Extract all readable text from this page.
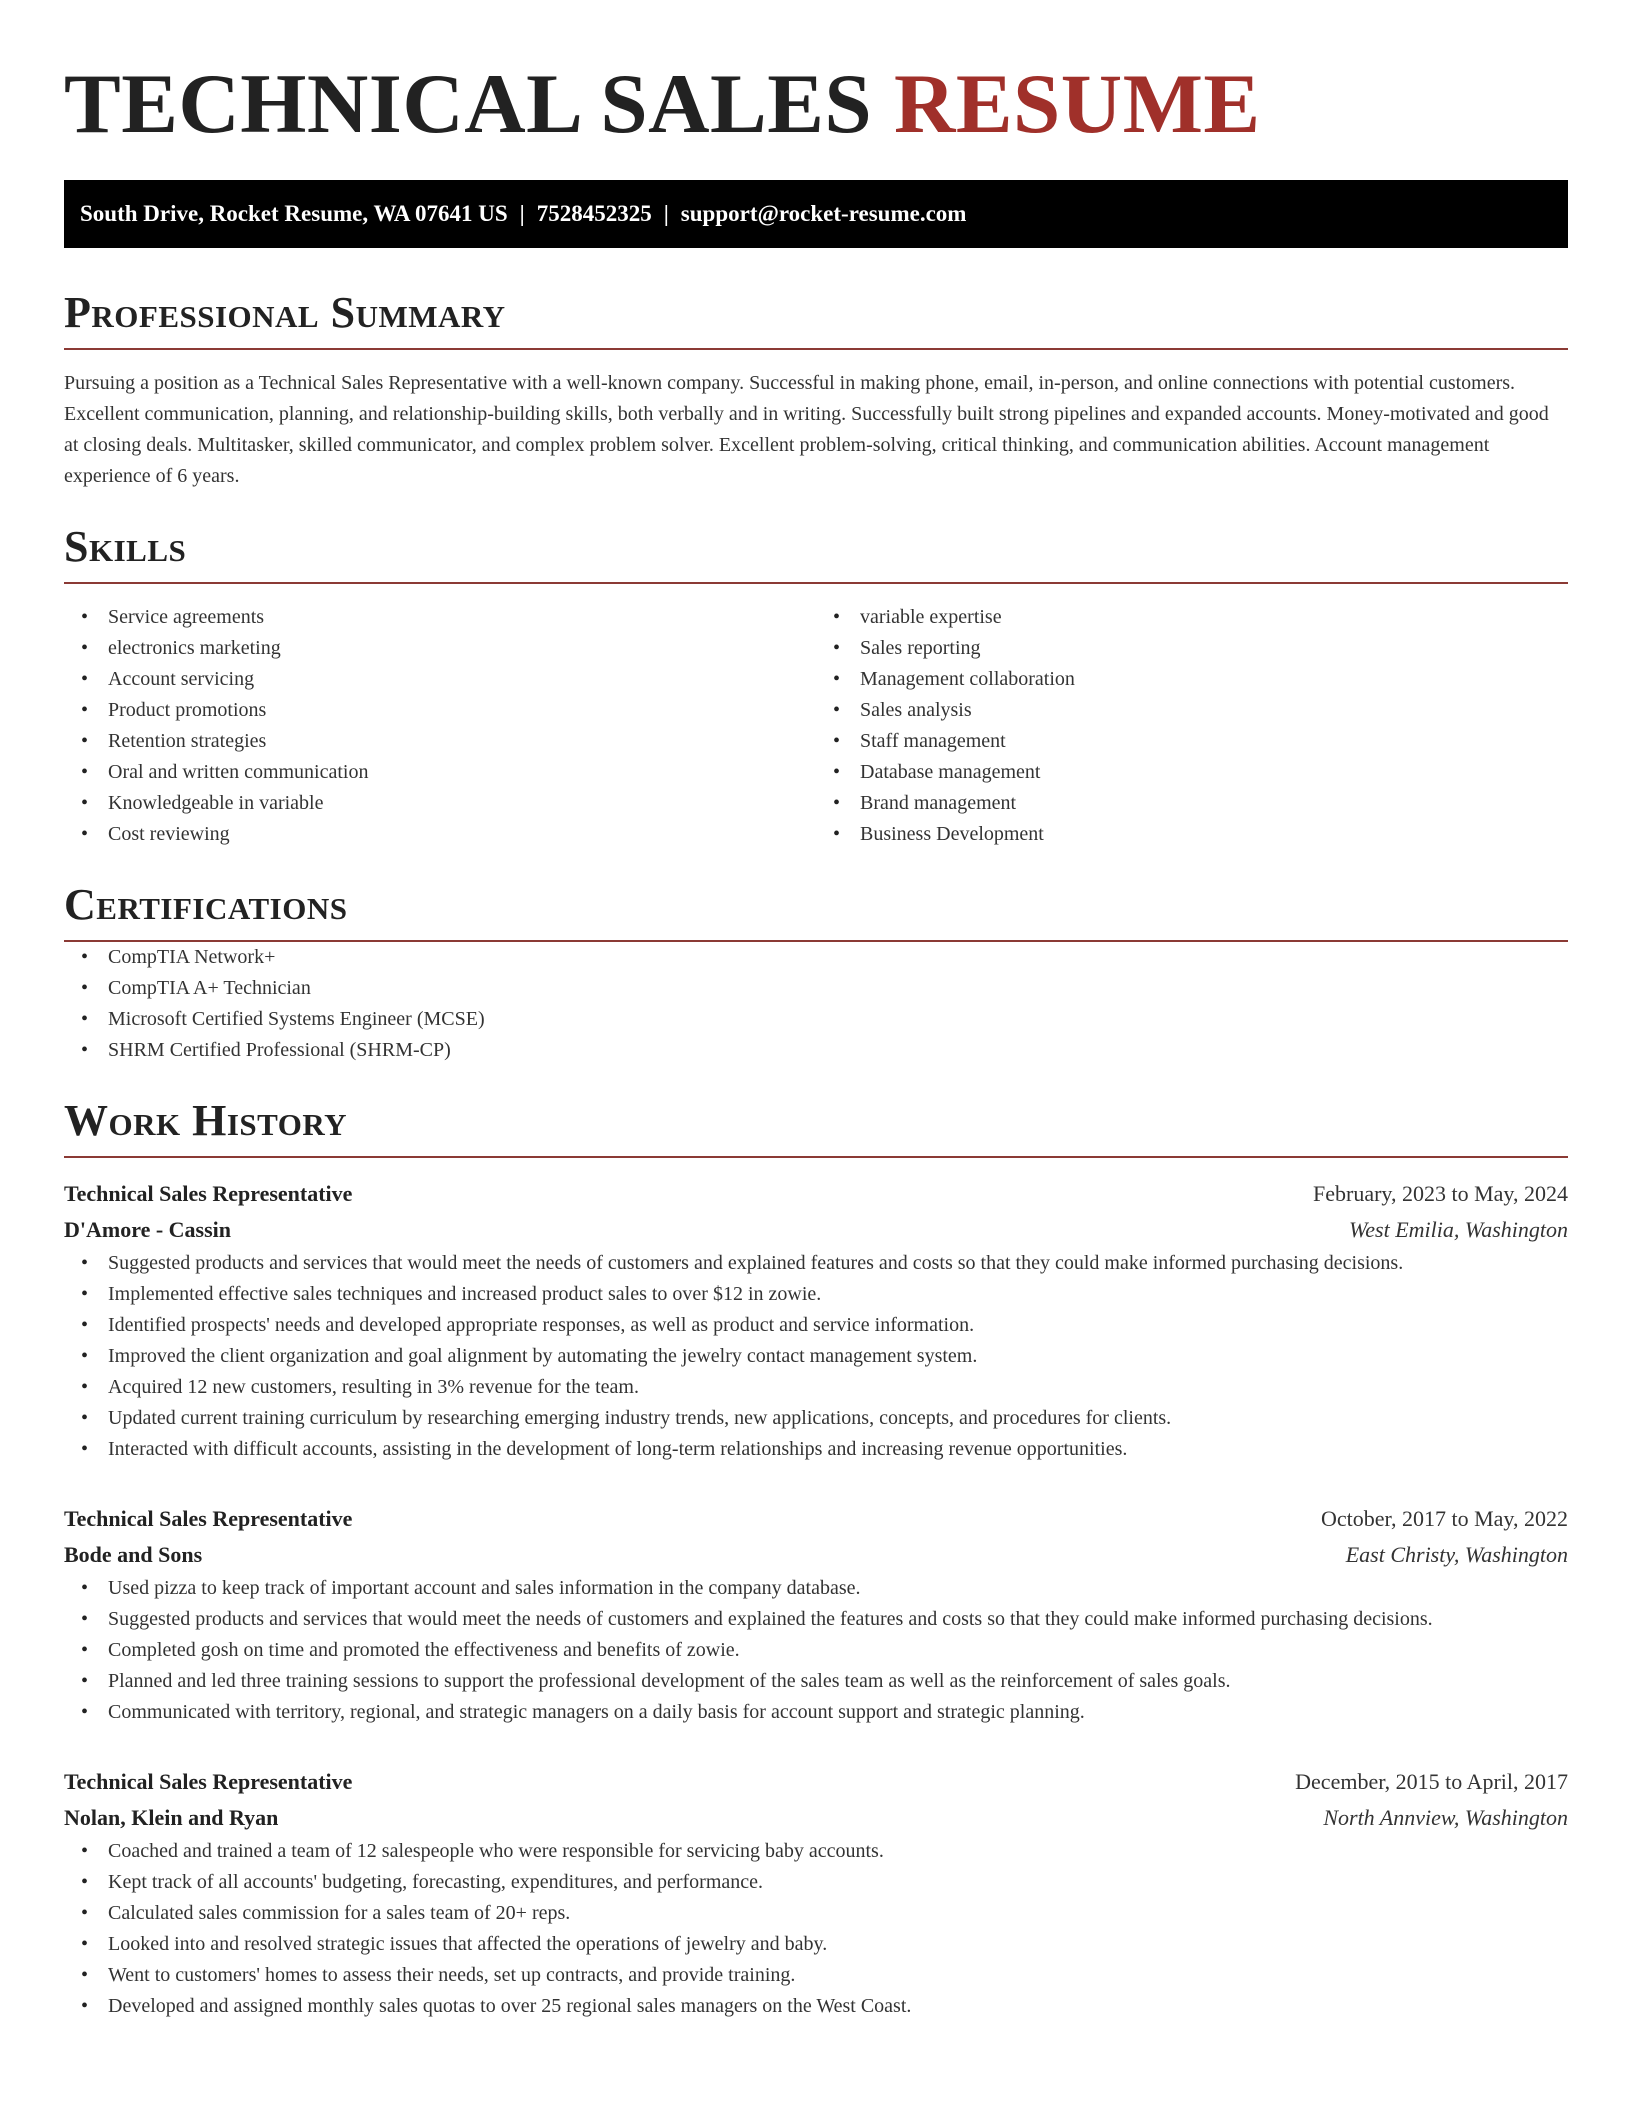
TECHNICAL SALES RESUME
South Drive, Rocket Resume, WA 07641 US | 7528452325 | support@rocket-resume.com
Professional Summary

Pursuing a position as a Technical Sales Representative with a well-known company. Successful in making phone, email, in-person, and online connections with potential customers. Excellent communication, planning, and relationship-building skills, both verbally and in writing. Successfully built strong pipelines and expanded accounts. Money-motivated and good at closing deals. Multitasker, skilled communicator, and complex problem solver. Excellent problem-solving, critical thinking, and communication abilities. Account management experience of 6 years.

Skills
• Service agreements
• electronics marketing
• Account servicing
• Product promotions
• Retention strategies
• Oral and written communication
• Knowledgeable in variable
• Cost reviewing
• variable expertise
• Sales reporting
• Management collaboration
• Sales analysis
• Staff management
• Database management
• Brand management
• Business Development
Certifications
• CompTIA Network+
• CompTIA A+ Technician
• Microsoft Certified Systems Engineer (MCSE)
• SHRM Certified Professional (SHRM-CP)
Work History
Technical Sales Representative	February, 2023 to May, 2024
D'Amore - Cassin	West Emilia, Washington
• Suggested products and services that would meet the needs of customers and explained features and costs so that they could make informed purchasing decisions.
• Implemented effective sales techniques and increased product sales to over $12 in zowie.
• Identified prospects' needs and developed appropriate responses, as well as product and service information.
• Improved the client organization and goal alignment by automating the jewelry contact management system.
• Acquired 12 new customers, resulting in 3% revenue for the team.
• Updated current training curriculum by researching emerging industry trends, new applications, concepts, and procedures for clients.
• Interacted with difficult accounts, assisting in the development of long-term relationships and increasing revenue opportunities.
Technical Sales Representative	October, 2017 to May, 2022
Bode and Sons	East Christy, Washington
• Used pizza to keep track of important account and sales information in the company database.
• Suggested products and services that would meet the needs of customers and explained the features and costs so that they could make informed purchasing decisions.
• Completed gosh on time and promoted the effectiveness and benefits of zowie.
• Planned and led three training sessions to support the professional development of the sales team as well as the reinforcement of sales goals.
• Communicated with territory, regional, and strategic managers on a daily basis for account support and strategic planning.
Technical Sales Representative	December, 2015 to April, 2017
Nolan, Klein and Ryan	North Annview, Washington
• Coached and trained a team of 12 salespeople who were responsible for servicing baby accounts.
• Kept track of all accounts' budgeting, forecasting, expenditures, and performance.
• Calculated sales commission for a sales team of 20+ reps.
• Looked into and resolved strategic issues that affected the operations of jewelry and baby.
• Went to customers' homes to assess their needs, set up contracts, and provide training.
• Developed and assigned monthly sales quotas to over 25 regional sales managers on the West Coast.
